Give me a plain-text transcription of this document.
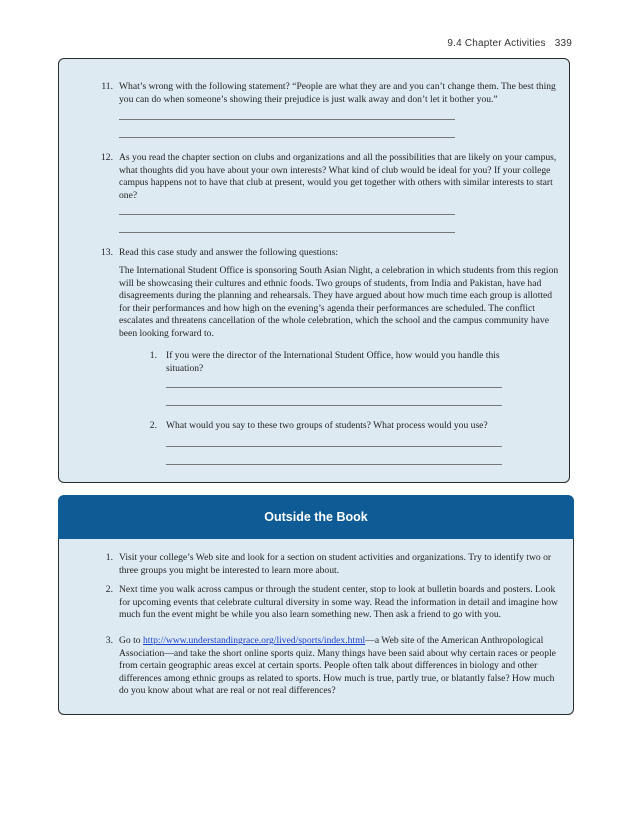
9.4 Chapter Activities 339
11. What’s wrong with the following statement? “People are what they are and you can’t change them. The best thing you can do when someone’s showing their prejudice is just walk away and don’t let it bother you.”
12. As you read the chapter section on clubs and organizations and all the possibilities that are likely on your campus, what thoughts did you have about your own interests? What kind of club would be ideal for you? If your college campus happens not to have that club at present, would you get together with others with similar interests to start one?
13. Read this case study and answer the following questions:
The International Student Office is sponsoring South Asian Night, a celebration in which students from this region will be showcasing their cultures and ethnic foods. Two groups of students, from India and Pakistan, have had disagreements during the planning and rehearsals. They have argued about how much time each group is allotted for their performances and how high on the evening’s agenda their performances are scheduled. The conflict escalates and threatens cancellation of the whole celebration, which the school and the campus community have been looking forward to.
1. If you were the director of the International Student Office, how would you handle this situation?
2. What would you say to these two groups of students? What process would you use?
Outside the Book
1. Visit your college’s Web site and look for a section on student activities and organizations. Try to identify two or three groups you might be interested to learn more about.
2. Next time you walk across campus or through the student center, stop to look at bulletin boards and posters. Look for upcoming events that celebrate cultural diversity in some way. Read the information in detail and imagine how much fun the event might be while you also learn something new. Then ask a friend to go with you.
3. Go to http://www.understandingrace.org/lived/sports/index.html—a Web site of the American Anthropological Association—and take the short online sports quiz. Many things have been said about why certain races or people from certain geographic areas excel at certain sports. People often talk about differences in biology and other differences among ethnic groups as related to sports. How much is true, partly true, or blatantly false? How much do you know about what are real or not real differences?
